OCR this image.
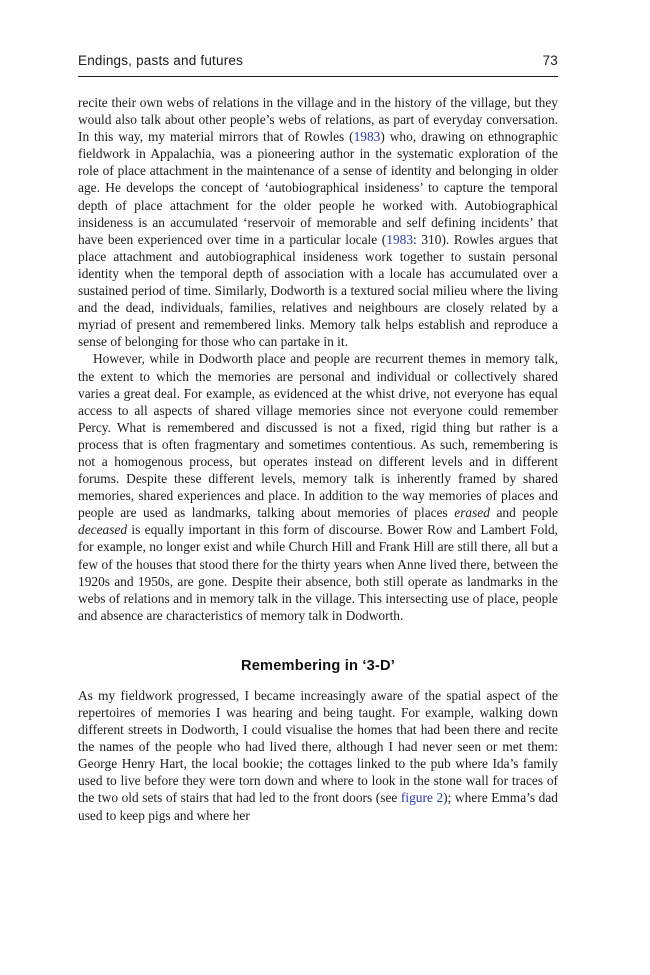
Endings, pasts and futures	73

recite their own webs of relations in the village and in the history of the village, but they would also talk about other people’s webs of relations, as part of everyday conversation. In this way, my material mirrors that of Rowles (1983) who, drawing on ethnographic fieldwork in Appalachia, was a pioneering author in the systematic exploration of the role of place attachment in the maintenance of a sense of identity and belonging in older age. He develops the concept of ‘autobiographical insideness’ to capture the temporal depth of place attachment for the older people he worked with. Autobiographical insideness is an accumulated ‘reservoir of memorable and self defining incidents’ that have been experienced over time in a particular locale (1983: 310). Rowles argues that place attachment and autobiographical insideness work together to sustain personal identity when the temporal depth of association with a locale has accumulated over a sustained period of time. Similarly, Dodworth is a textured social milieu where the living and the dead, individuals, families, relatives and neighbours are closely related by a myriad of present and remembered links. Memory talk helps establish and reproduce a sense of belonging for those who can partake in it.

However, while in Dodworth place and people are recurrent themes in memory talk, the extent to which the memories are personal and individual or collectively shared varies a great deal. For example, as evidenced at the whist drive, not everyone has equal access to all aspects of shared village memories since not everyone could remember Percy. What is remembered and discussed is not a fixed, rigid thing but rather is a process that is often fragmentary and sometimes contentious. As such, remembering is not a homogenous process, but operates instead on different levels and in different forums. Despite these different levels, memory talk is inherently framed by shared memories, shared experiences and place. In addition to the way memories of places and people are used as landmarks, talking about memories of places erased and people deceased is equally important in this form of discourse. Bower Row and Lambert Fold, for example, no longer exist and while Church Hill and Frank Hill are still there, all but a few of the houses that stood there for the thirty years when Anne lived there, between the 1920s and 1950s, are gone. Despite their absence, both still operate as landmarks in the webs of relations and in memory talk in the village. This intersecting use of place, people and absence are characteristics of memory talk in Dodworth.

Remembering in ‘3-D’

As my fieldwork progressed, I became increasingly aware of the spatial aspect of the repertoires of memories I was hearing and being taught. For example, walking down different streets in Dodworth, I could visualise the homes that had been there and recite the names of the people who had lived there, although I had never seen or met them: George Henry Hart, the local bookie; the cottages linked to the pub where Ida’s family used to live before they were torn down and where to look in the stone wall for traces of the two old sets of stairs that had led to the front doors (see figure 2); where Emma’s dad used to keep pigs and where her
